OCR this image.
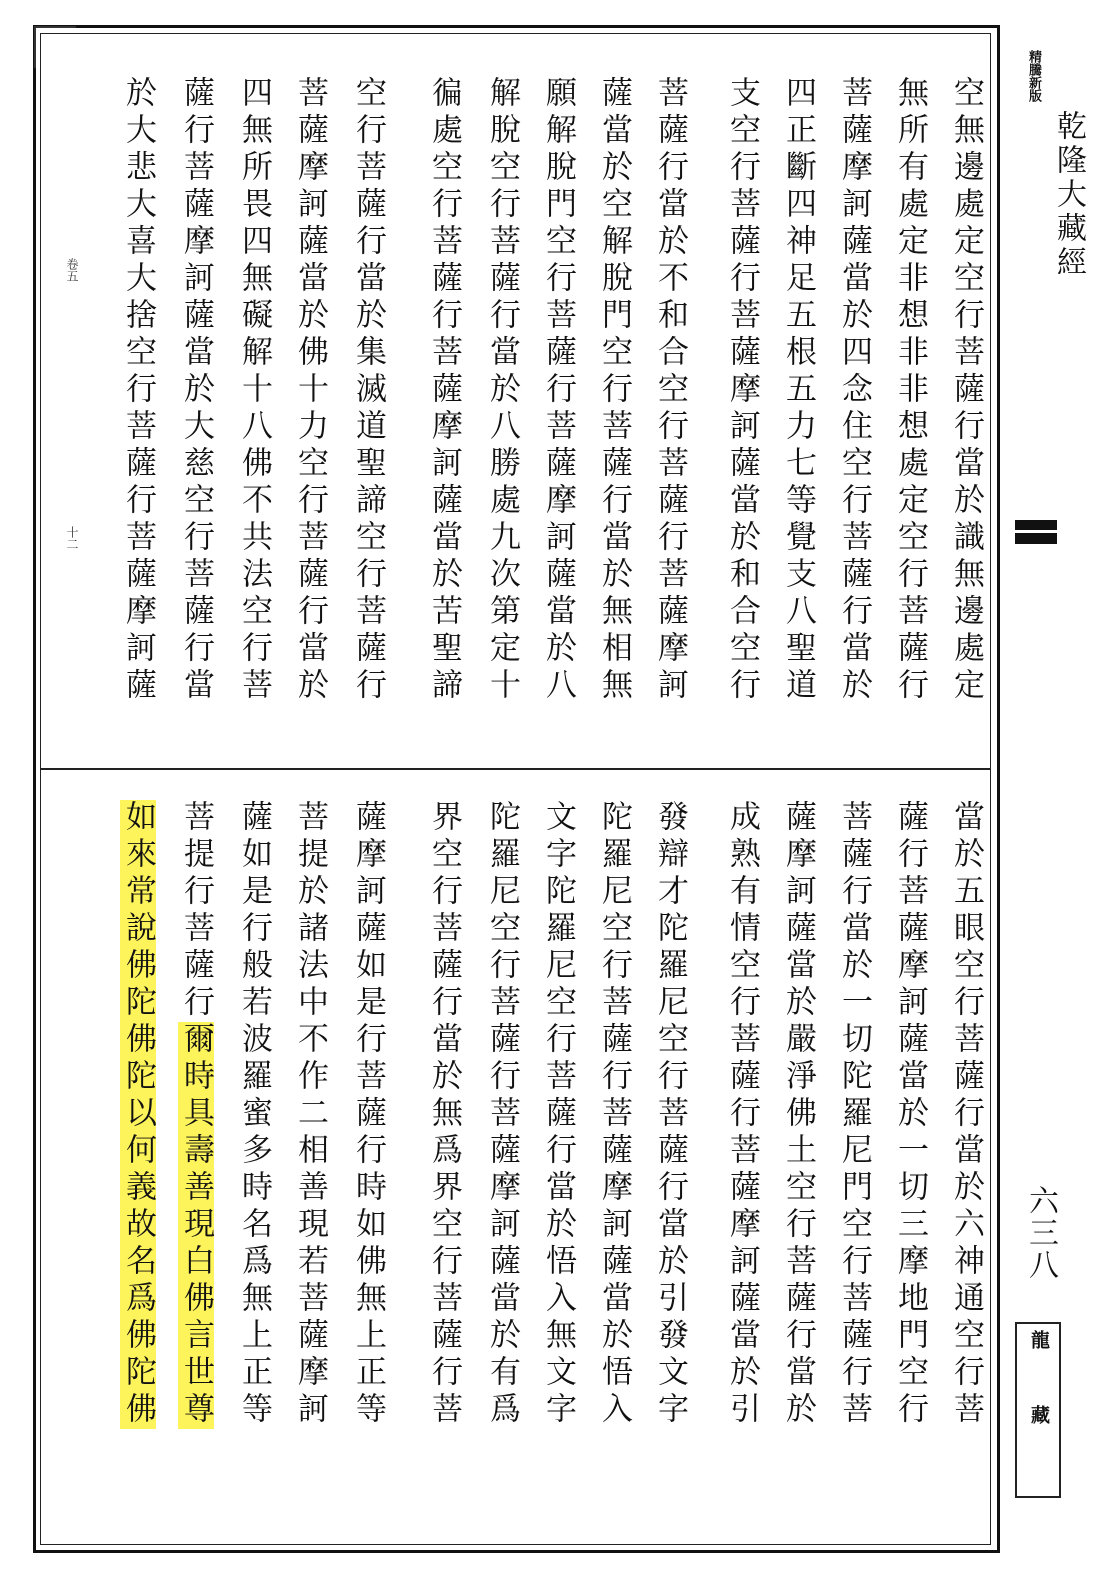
空無邊處定空行菩薩行當於識無邊處定
無所有處定非想非非想處定空行菩薩行
菩薩摩訶薩當於四念住空行菩薩行當於
四正斷四神足五根五力七等覺支八聖道
支空行菩薩行菩薩摩訶薩當於和合空行
菩薩行當於不和合空行菩薩行菩薩摩訶
薩當於空解脫門空行菩薩行當於無相無
願解脫門空行菩薩行菩薩摩訶薩當於八
解脫空行菩薩行當於八勝處九次第定十
徧處空行菩薩行菩薩摩訶薩當於苦聖諦
空行菩薩行當於集滅道聖諦空行菩薩行
菩薩摩訶薩當於佛十力空行菩薩行當於
四無所畏四無礙解十八佛不共法空行菩
薩行菩薩摩訶薩當於大慈空行菩薩行當
於大悲大喜大捨空行菩薩行菩薩摩訶薩
卷五
十二
當於五眼空行菩薩行當於六神通空行菩
薩行菩薩摩訶薩當於一切三摩地門空行
菩薩行當於一切陀羅尼門空行菩薩行菩
薩摩訶薩當於嚴淨佛土空行菩薩行當於
成熟有情空行菩薩行菩薩摩訶薩當於引
發辯才陀羅尼空行菩薩行當於引發文字
陀羅尼空行菩薩行菩薩摩訶薩當於悟入
文字陀羅尼空行菩薩行當於悟入無文字
陀羅尼空行菩薩行菩薩摩訶薩當於有爲
界空行菩薩行當於無爲界空行菩薩行菩
薩摩訶薩如是行菩薩行時如佛無上正等
菩提於諸法中不作二相善現若菩薩摩訶
薩如是行般若波羅蜜多時名爲無上正等
菩提行菩薩行爾時具壽善現白佛言世尊
如來常說佛陀佛陀以何義故名爲佛陀佛
精騰新版
乾隆大藏經
六三八
龍藏
